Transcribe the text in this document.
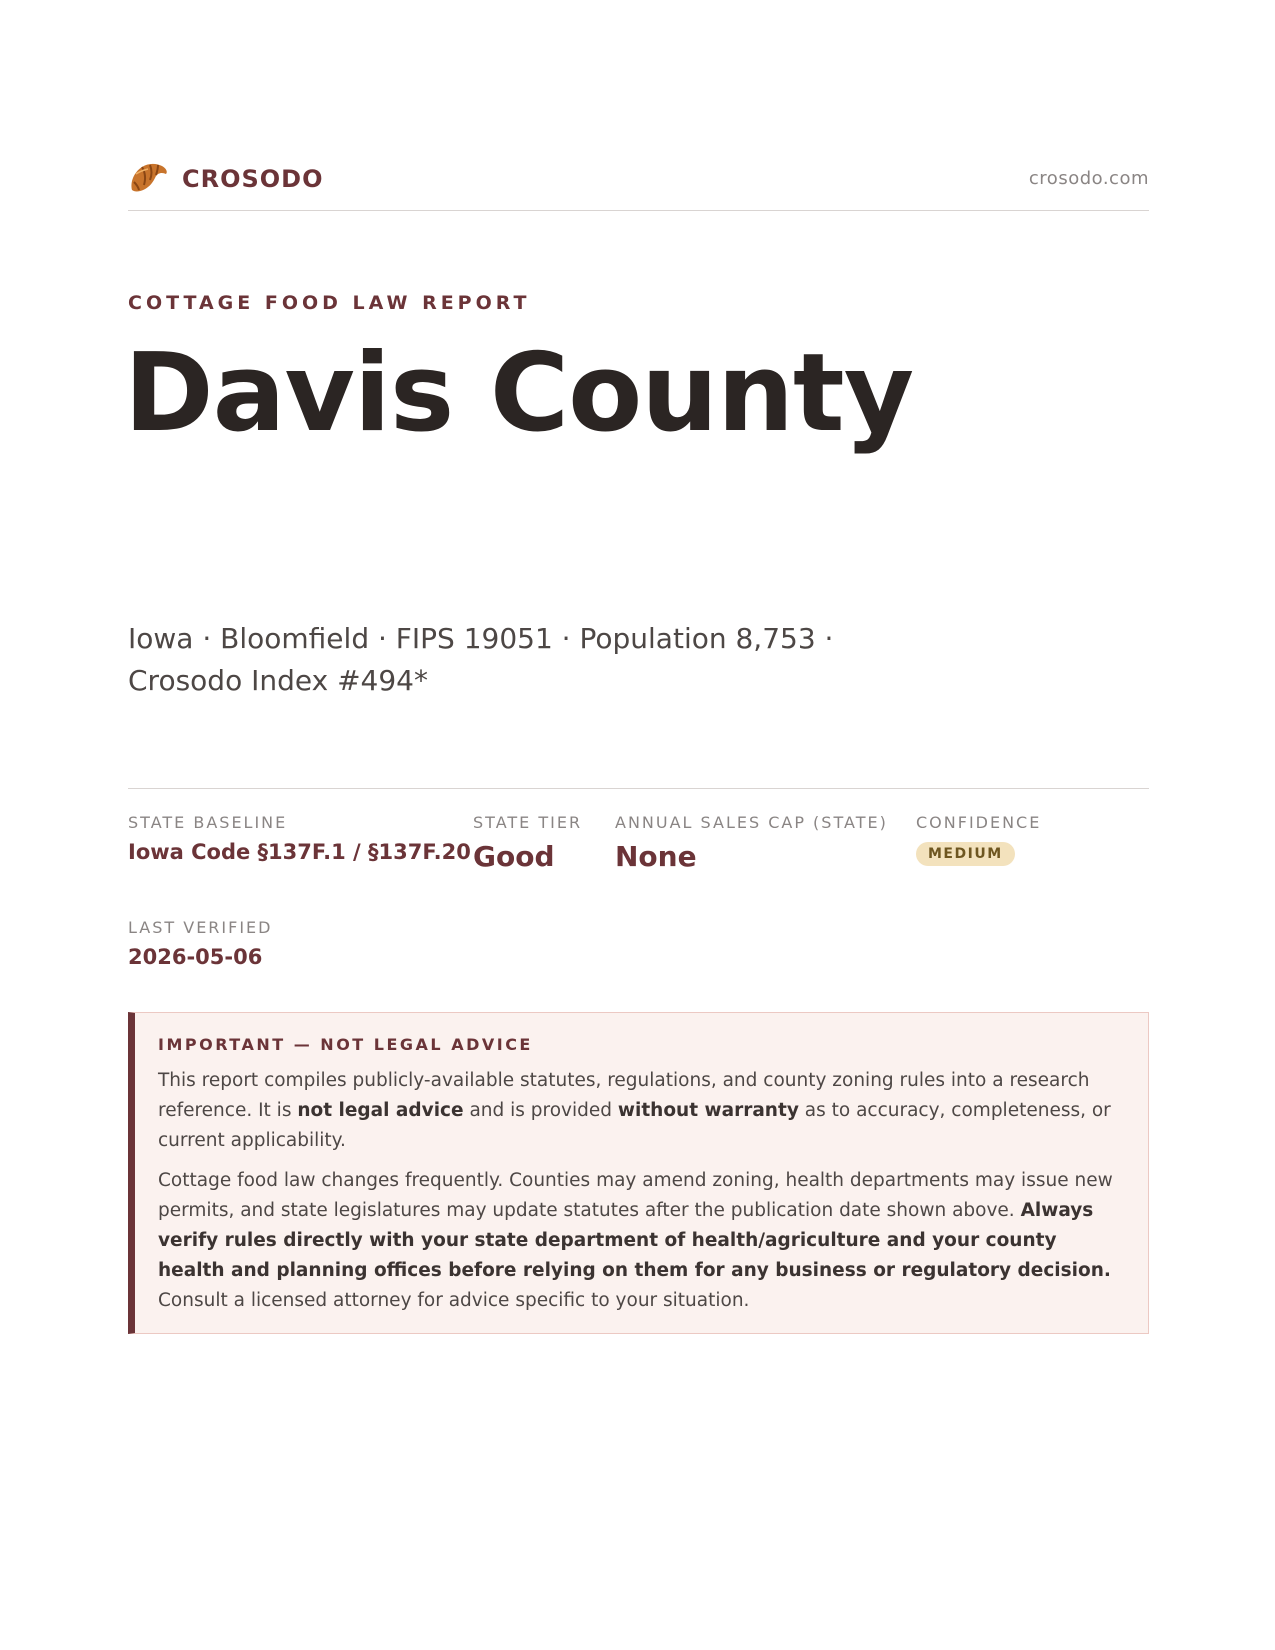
CROSODO	crosodo.com
COTTAGE FOOD LAW REPORT
Davis County
Iowa · Bloomfield · FIPS 19051 · Population 8,753 · Crosodo Index #494*
STATE BASELINE
Iowa Code §137F.1 / §137F.20
STATE TIER
Good
ANNUAL SALES CAP (STATE)
None
CONFIDENCE
MEDIUM
LAST VERIFIED
2026-05-06
IMPORTANT — NOT LEGAL ADVICE

This report compiles publicly-available statutes, regulations, and county zoning rules into a research reference. It is not legal advice and is provided without warranty as to accuracy, completeness, or current applicability.

Cottage food law changes frequently. Counties may amend zoning, health departments may issue new permits, and state legislatures may update statutes after the publication date shown above. Always verify rules directly with your state department of health/agriculture and your county health and planning offices before relying on them for any business or regulatory decision. Consult a licensed attorney for advice specific to your situation.
